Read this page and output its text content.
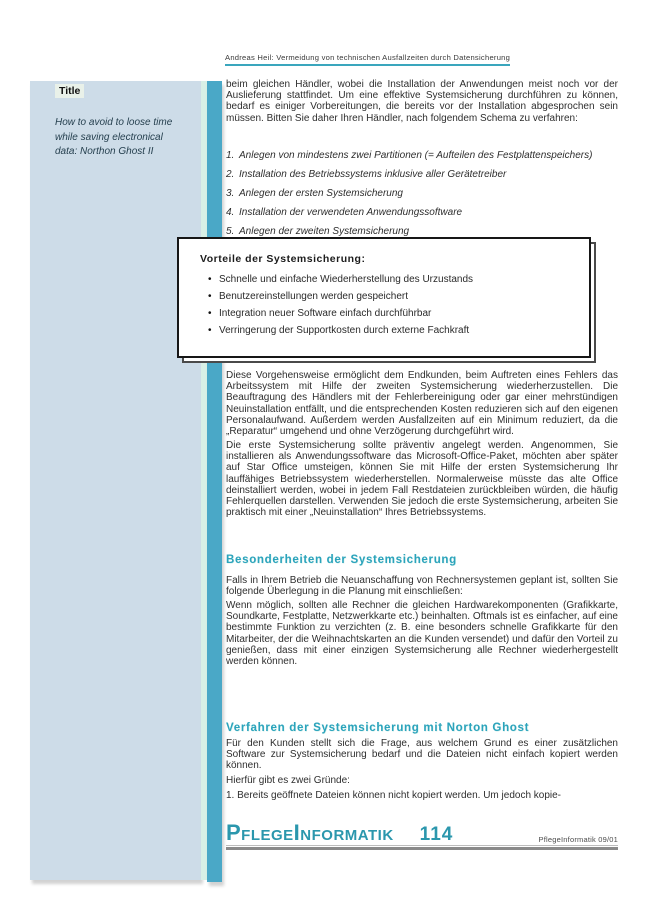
Andreas Heil: Vermeidung von technischen Ausfallzeiten durch Datensicherung
Title
How to avoid to loose time
while saving electronical
data: Northon Ghost II
beim gleichen Händler, wobei die Installation der Anwendungen meist noch vor der Auslieferung stattfindet. Um eine effektive Systemsicherung durchführen zu können, bedarf es einiger Vorbereitungen, die bereits vor der Installation abgesprochen sein müssen. Bitten Sie daher Ihren Händler, nach folgendem Schema zu verfahren:
1. Anlegen von mindestens zwei Partitionen (= Aufteilen des Festplattenspeichers)
2. Installation des Betriebssystems inklusive aller Gerätetreiber
3. Anlegen der ersten Systemsicherung
4. Installation der verwendeten Anwendungssoftware
5. Anlegen der zweiten Systemsicherung
Vorteile der Systemsicherung:
• Schnelle und einfache Wiederherstellung des Urzustands
• Benutzereinstellungen werden gespeichert
• Integration neuer Software einfach durchführbar
• Verringerung der Supportkosten durch externe Fachkraft
Diese Vorgehensweise ermöglicht dem Endkunden, beim Auftreten eines Fehlers das Arbeitssystem mit Hilfe der zweiten Systemsicherung wiederherzustellen. Die Beauftragung des Händlers mit der Fehlerbereinigung oder gar einer mehrstündigen Neuinstallation entfällt, und die entsprechenden Kosten reduzieren sich auf den eigenen Personalaufwand. Außerdem werden Ausfallzeiten auf ein Minimum reduziert, da die „Reparatur“ umgehend und ohne Verzögerung durchgeführt wird.
Die erste Systemsicherung sollte präventiv angelegt werden. Angenommen, Sie installieren als Anwendungssoftware das Microsoft-Office-Paket, möchten aber später auf Star Office umsteigen, können Sie mit Hilfe der ersten Systemsicherung Ihr lauffähiges Betriebssystem wiederherstellen. Normalerweise müsste das alte Office deinstalliert werden, wobei in jedem Fall Restdateien zurückbleiben würden, die häufig Fehlerquellen darstellen. Verwenden Sie jedoch die erste Systemsicherung, arbeiten Sie praktisch mit einer „Neuinstallation“ Ihres Betriebssystems.
Besonderheiten der Systemsicherung
Falls in Ihrem Betrieb die Neuanschaffung von Rechnersystemen geplant ist, sollten Sie folgende Überlegung in die Planung mit einschließen:
Wenn möglich, sollten alle Rechner die gleichen Hardwarekomponenten (Grafikkarte, Soundkarte, Festplatte, Netzwerkkarte etc.) beinhalten. Oftmals ist es einfacher, auf eine bestimmte Funktion zu verzichten (z. B. eine besonders schnelle Grafikkarte für den Mitarbeiter, der die Weihnachtskarten an die Kunden versendet) und dafür den Vorteil zu genießen, dass mit einer einzigen Systemsicherung alle Rechner wiederhergestellt werden können.
Verfahren der Systemsicherung mit Norton Ghost
Für den Kunden stellt sich die Frage, aus welchem Grund es einer zusätzlichen Software zur Systemsicherung bedarf und die Dateien nicht einfach kopiert werden können.
Hierfür gibt es zwei Gründe:
1. Bereits geöffnete Dateien können nicht kopiert werden. Um jedoch kopie-
PflegeInformatik 114	PflegeInformatik 09/01
